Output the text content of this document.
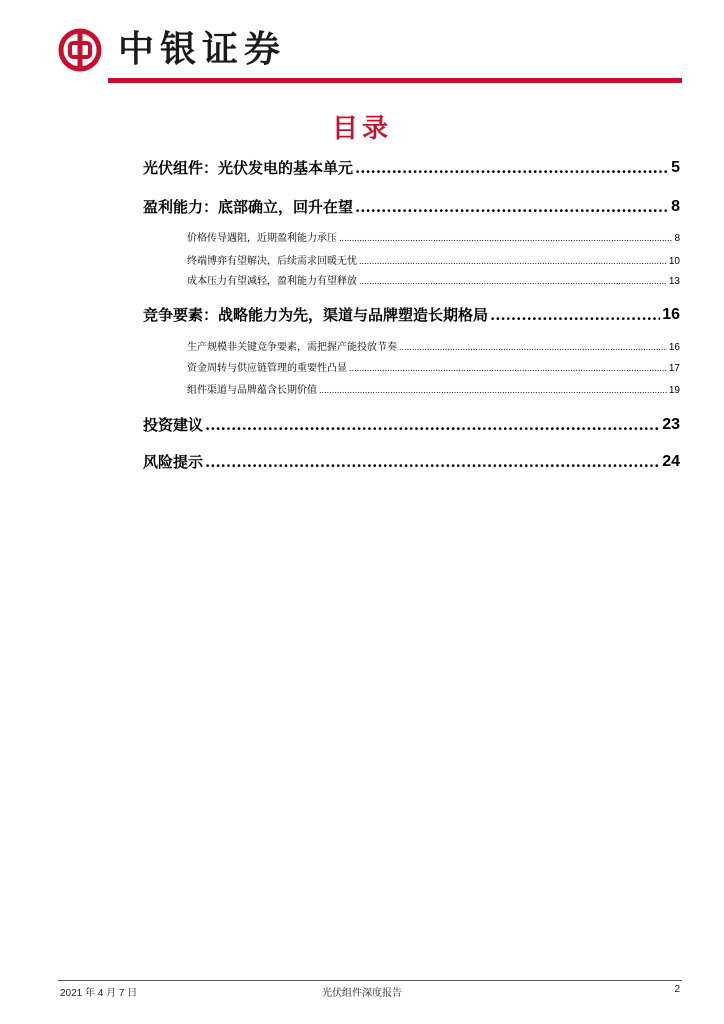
中银证券
目录
光伏组件：光伏发电的基本单元 .....	5
盈利能力：底部确立，回升在望 .....	8
价格传导遇阻，近期盈利能力承压 .....	8
终端博弈有望解决，后续需求回暖无忧 .....	10
成本压力有望减轻，盈利能力有望释放 .....	13
竞争要素：战略能力为先，渠道与品牌塑造长期格局 .....	16
生产规模非关键竞争要素，需把握产能投放节奏 .....	16
资金周转与供应链管理的重要性凸显 .....	17
组件渠道与品牌蕴含长期价值 .....	19
投资建议 .....	23
风险提示 .....	24
2021 年 4 月 7 日	光伏组件深度报告	2
